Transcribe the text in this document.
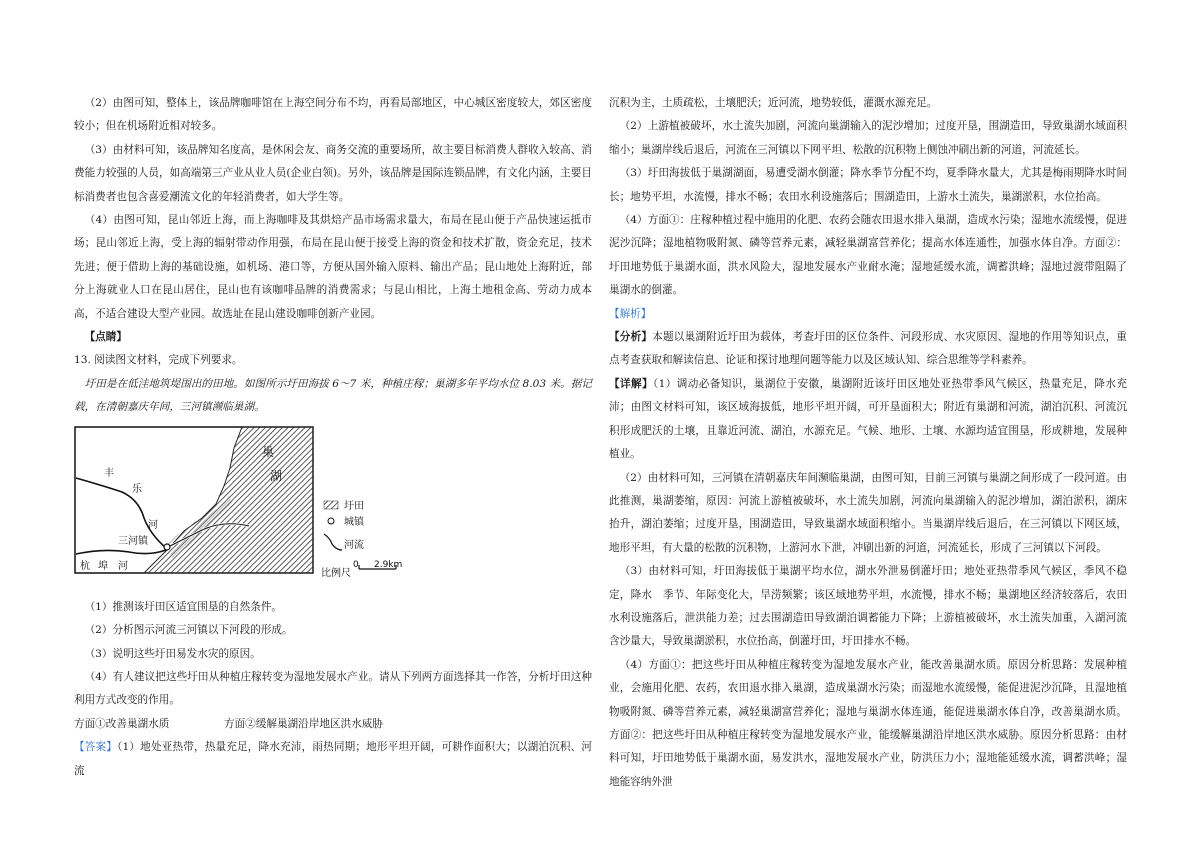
（2）由图可知，整体上，该品牌咖啡馆在上海空间分布不均，再看局部地区，中心城区密度较大，郊区密度较小；但在机场附近相对较多。

（3）由材料可知，该品牌知名度高，是休闲会友、商务交流的重要场所，故主要目标消费人群收入较高、消费能力较强的人员，如高端第三产业从业人员(企业白领)。另外，该品牌是国际连锁品牌，有文化内涵，主要目标消费者也包含喜爱潮流文化的年轻消费者，如大学生等。

（4）由图可知，昆山邻近上海，而上海咖啡及其烘焙产品市场需求量大，布局在昆山便于产品快速运抵市场；昆山邻近上海，受上海的辐射带动作用强，布局在昆山便于接受上海的资金和技术扩散，资金充足，技术先进；便于借助上海的基础设施，如机场、港口等，方便从国外输入原料、输出产品；昆山地处上海附近，部分上海就业人口在昆山居住，昆山也有该咖啡品牌的消费需求；与昆山相比，上海土地租金高、劳动力成本高，不适合建设大型产业园。故选址在昆山建设咖啡创新产业园。

【点睛】

13. 阅读图文材料，完成下列要求。

圩田是在低洼地筑堤围出的田地。如图所示圩田海拔 6～7 米，种植庄稼；巢湖多年平均水位 8.03 米。据记载，在清朝嘉庆年间，三河镇濒临巢湖。

巢
湖
丰
乐
河
三河镇
杭 埠 河
圩田
城镇
河流
比例尺
0 2.9km

（1）推测该圩田区适宜围垦的自然条件。

（2）分析图示河流三河镇以下河段的形成。

（3）说明这些圩田易发水灾的原因。

（4）有人建议把这些圩田从种植庄稼转变为湿地发展水产业。请从下列两方面选择其一作答，分析圩田这种利用方式改变的作用。

方面①改善巢湖水质	方面②缓解巢湖沿岸地区洪水威胁

【答案】（1）地处亚热带，热量充足，降水充沛，雨热同期；地形平坦开阔，可耕作面积大；以湖泊沉积、河流

沉积为主，土质疏松，土壤肥沃；近河流，地势较低，灌溉水源充足。

（2）上游植被破坏，水土流失加剧，河流向巢湖输入的泥沙增加；过度开垦，围湖造田，导致巢湖水域面积缩小；巢湖岸线后退后，河流在三河镇以下网平坦、松散的沉积物上侧蚀冲刷出新的河道，河流延长。

（3）圩田海拔低于巢湖湖面，易遭受湖水倒灌；降水季节分配不均，夏季降水量大，尤其是梅雨期降水时间长；地势平坦，水流慢，排水不畅；农田水利设施落后；围湖造田，上游水土流失，巢湖淤积，水位抬高。

（4）方面①：庄稼种植过程中施用的化肥、农药会随农田退水排入巢湖，造成水污染；湿地水流缓慢，促进泥沙沉降；湿地植物吸附氮、磷等营养元素，减轻巢湖富营养化；提高水体连通性，加强水体自净。方面②：圩田地势低于巢湖水面，洪水风险大，湿地发展水产业耐水淹；湿地延缓水流，调蓄洪峰；湿地过渡带阻隔了巢湖水的倒灌。

【解析】

【分析】本题以巢湖附近圩田为载体，考查圩田的区位条件、河段形成、水灾原因、湿地的作用等知识点，重点考查获取和解读信息、论证和探讨地理问题等能力以及区域认知、综合思维等学科素养。

【详解】（1）调动必备知识，巢湖位于安徽，巢湖附近该圩田区地处亚热带季风气候区，热量充足，降水充沛；由图文材料可知，该区域海拔低，地形平坦开阔，可开垦面积大；附近有巢湖和河流，湖泊沉积、河流沉积形成肥沃的土壤，且靠近河流、湖泊，水源充足。气候、地形、土壤、水源均适宜围垦，形成耕地，发展种植业。

（2）由材料可知，三河镇在清朝嘉庆年间濒临巢湖，由图可知，目前三河镇与巢湖之间形成了一段河道。由此推测，巢湖萎缩，原因：河流上游植被破坏，水土流失加剧，河流向巢湖输入的泥沙增加，湖泊淤积，湖床抬升，湖泊萎缩；过度开垦，围湖造田，导致巢湖水域面积缩小。当巢湖岸线后退后，在三河镇以下网区域，地形平坦，有大量的松散的沉积物，上游河水下泄，冲刷出新的河道，河流延长，形成了三河镇以下河段。

（3）由材料可知，圩田海拔低于巢湖平均水位，湖水外泄易倒灌圩田；地处亚热带季风气候区，季风不稳定，降水　季节、年际变化大，旱涝频繁；该区域地势平坦，水流慢，排水不畅；巢湖地区经济较落后，农田水利设施落后，泄洪能力差；过去围湖造田导致湖泊调蓄能力下降；上游植被破坏，水土流失加重，入湖河流含沙量大，导致巢湖淤积，水位抬高，倒灌圩田，圩田排水不畅。

（4）方面①：把这些圩田从种植庄稼转变为湿地发展水产业，能改善巢湖水质。原因分析思路：发展种植业，会施用化肥、农药，农田退水排入巢湖，造成巢湖水污染；而湿地水流缓慢，能促进泥沙沉降，且湿地植物吸附氮、磷等营养元素，减轻巢湖富营养化；湿地与巢湖水体连通，能促进巢湖水体自净，改善巢湖水质。方面②：把这些圩田从种植庄稼转变为湿地发展水产业，能缓解巢湖沿岸地区洪水威胁。原因分析思路：由材料可知，圩田地势低于巢湖水面，易发洪水，湿地发展水产业，防洪压力小；湿地能延缓水流，调蓄洪峰；湿地能容纳外泄
